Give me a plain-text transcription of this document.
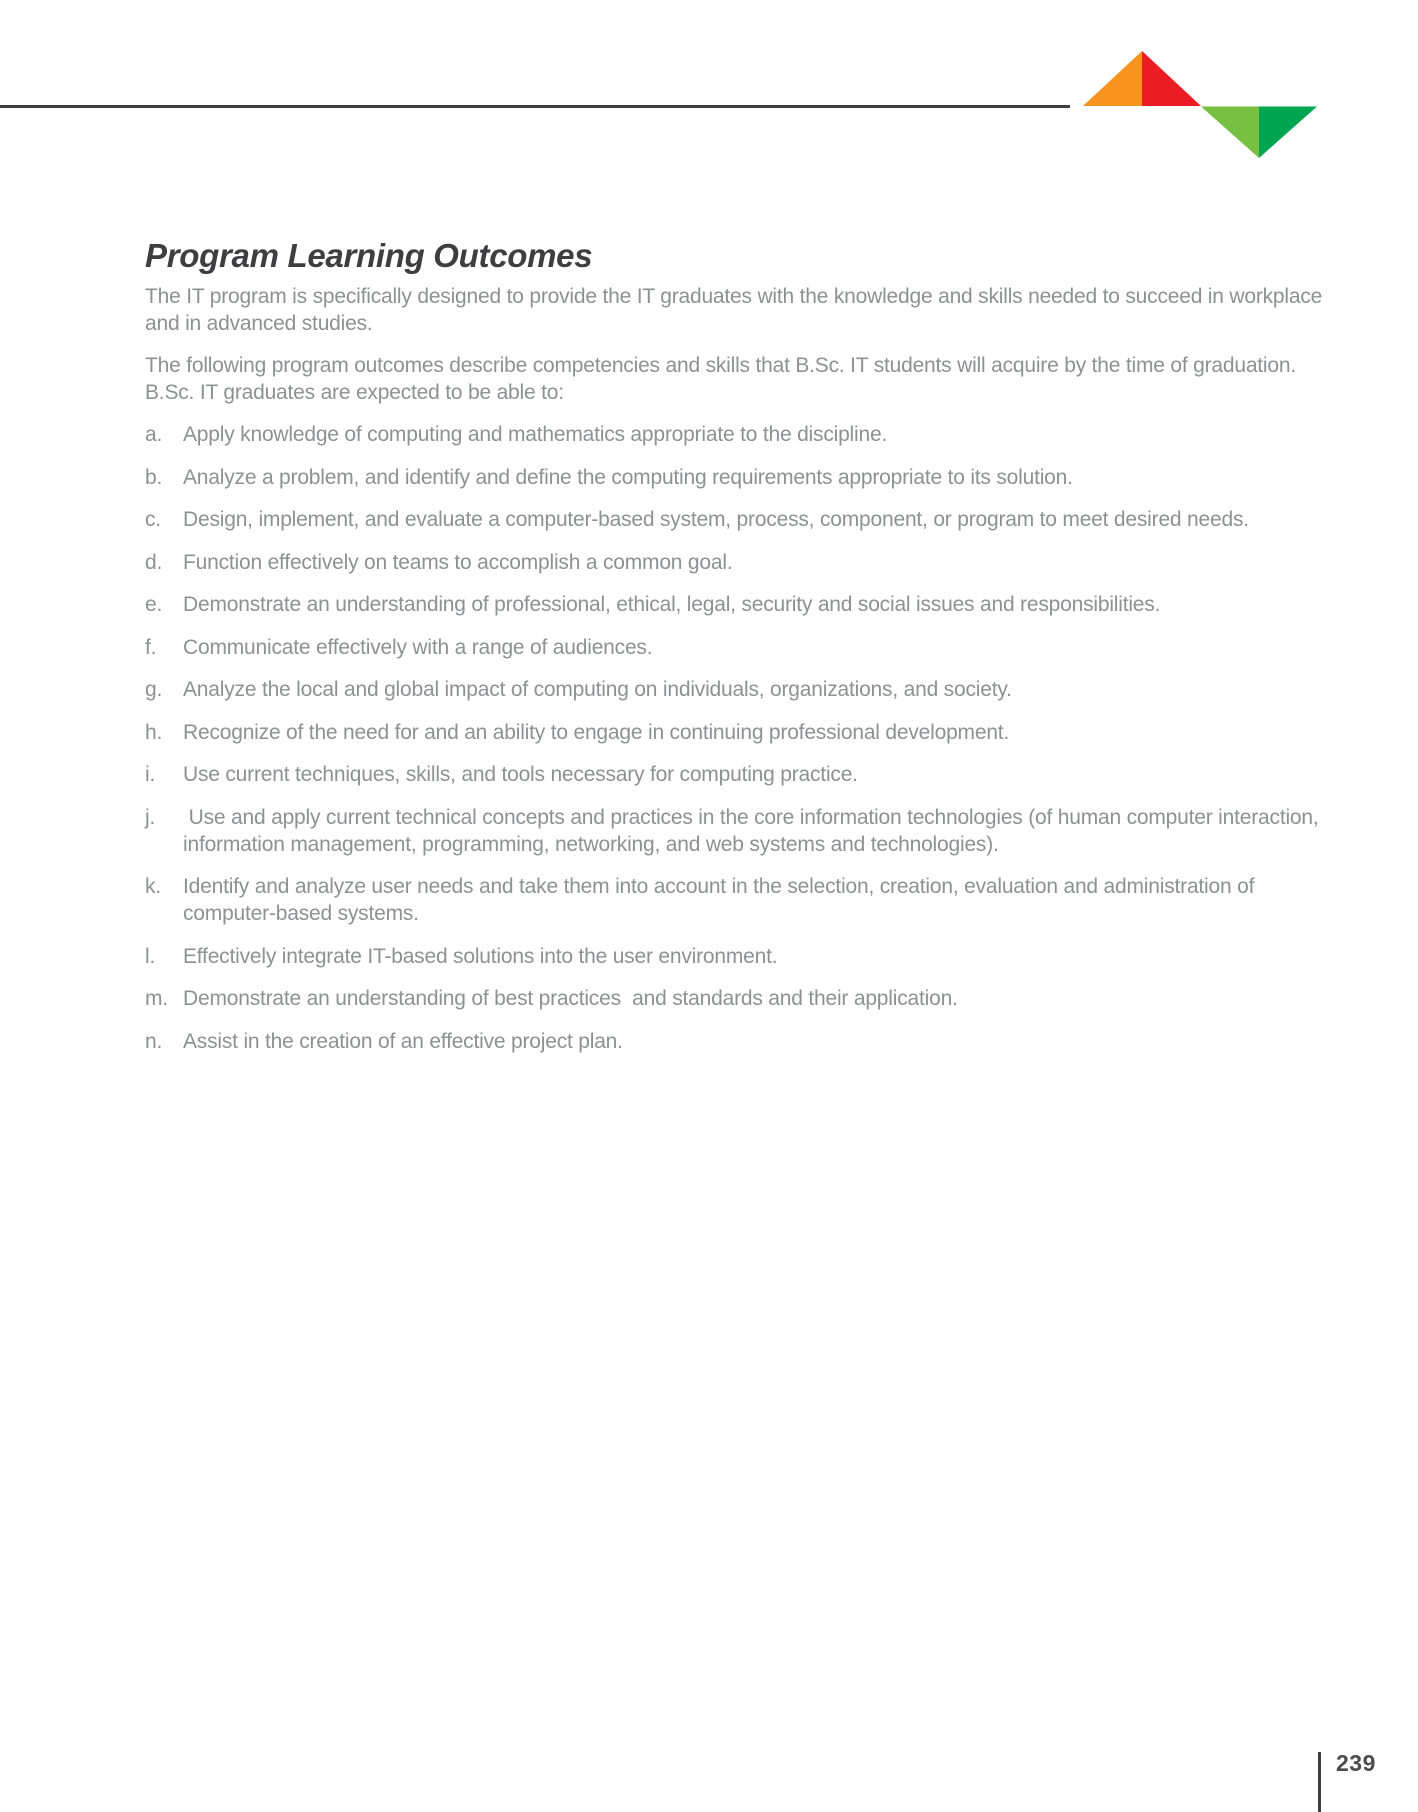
Program Learning Outcomes

The IT program is specifically designed to provide the IT graduates with the knowledge and skills needed to succeed in workplace and in advanced studies.

The following program outcomes describe competencies and skills that B.Sc. IT students will acquire by the time of graduation. B.Sc. IT graduates are expected to be able to:

a. Apply knowledge of computing and mathematics appropriate to the discipline.
b. Analyze a problem, and identify and define the computing requirements appropriate to its solution.
c.	Design, implement, and evaluate a computer-based system, process, component, or program to meet desired needs.
d. Function effectively on teams to accomplish a common goal.
e. Demonstrate an understanding of professional, ethical, legal, security and social issues and responsibilities.
f.	Communicate effectively with a range of audiences.
g. Analyze the local and global impact of computing on individuals, organizations, and society.
h. Recognize of the need for and an ability to engage in continuing professional development.
i.	Use current techniques, skills, and tools necessary for computing practice.
j.	Use and apply current technical concepts and practices in the core information technologies (of human computer interaction, information management, programming, networking, and web systems and technologies).
k.	Identify and analyze user needs and take them into account in the selection, creation, evaluation and administration of computer-based systems.
l.	Effectively integrate IT-based solutions into the user environment.
m. Demonstrate an understanding of best practices  and standards and their application.
n. Assist in the creation of an effective project plan.
239
